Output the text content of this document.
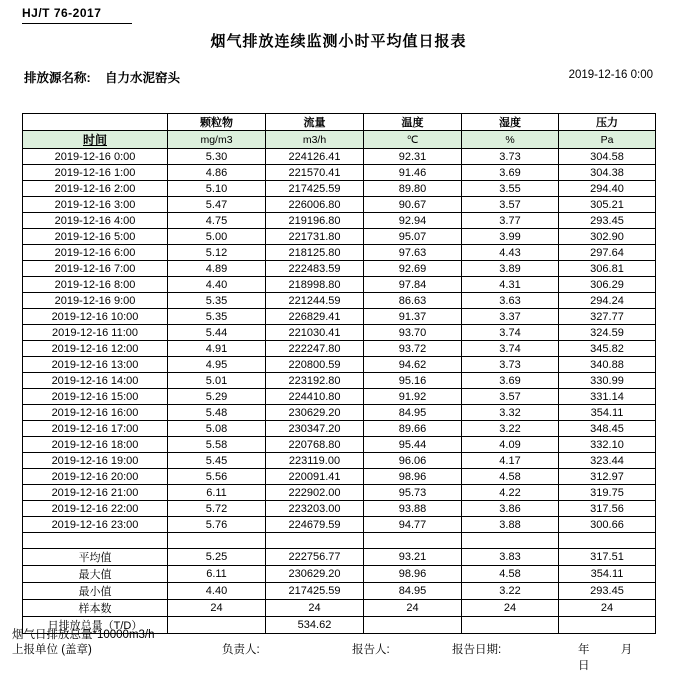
HJ/T 76-2017
烟气排放连续监测小时平均值日报表
排放源名称: 自力水泥窑头	2019-12-16 0:00
	颗粒物	流量	温度	湿度	压力
时间	mg/m3	m3/h	℃	%	Pa
2019-12-16 0:00	5.30	224126.41	92.31	3.73	304.58
2019-12-16 1:00	4.86	221570.41	91.46	3.69	304.38
2019-12-16 2:00	5.10	217425.59	89.80	3.55	294.40
2019-12-16 3:00	5.47	226006.80	90.67	3.57	305.21
2019-12-16 4:00	4.75	219196.80	92.94	3.77	293.45
2019-12-16 5:00	5.00	221731.80	95.07	3.99	302.90
2019-12-16 6:00	5.12	218125.80	97.63	4.43	297.64
2019-12-16 7:00	4.89	222483.59	92.69	3.89	306.81
2019-12-16 8:00	4.40	218998.80	97.84	4.31	306.29
2019-12-16 9:00	5.35	221244.59	86.63	3.63	294.24
2019-12-16 10:00	5.35	226829.41	91.37	3.37	327.77
2019-12-16 11:00	5.44	221030.41	93.70	3.74	324.59
2019-12-16 12:00	4.91	222247.80	93.72	3.74	345.82
2019-12-16 13:00	4.95	220800.59	94.62	3.73	340.88
2019-12-16 14:00	5.01	223192.80	95.16	3.69	330.99
2019-12-16 15:00	5.29	224410.80	91.92	3.57	331.14
2019-12-16 16:00	5.48	230629.20	84.95	3.32	354.11
2019-12-16 17:00	5.08	230347.20	89.66	3.22	348.45
2019-12-16 18:00	5.58	220768.80	95.44	4.09	332.10
2019-12-16 19:00	5.45	223119.00	96.06	4.17	323.44
2019-12-16 20:00	5.56	220091.41	98.96	4.58	312.97
2019-12-16 21:00	6.11	222902.00	95.73	4.22	319.75
2019-12-16 22:00	5.72	223203.00	93.88	3.86	317.56
2019-12-16 23:00	5.76	224679.59	94.77	3.88	300.66

平均值	5.25	222756.77	93.21	3.83	317.51
最大值	6.11	230629.20	98.96	4.58	354.11
最小值	4.40	217425.59	84.95	3.22	293.45
样本数	24	24	24	24	24
日排放总量（T/D）		534.62			
烟气日排放总量*10000m3/h
上报单位 (盖章)	负责人:	报告人:	报告日期:	年 月 日
